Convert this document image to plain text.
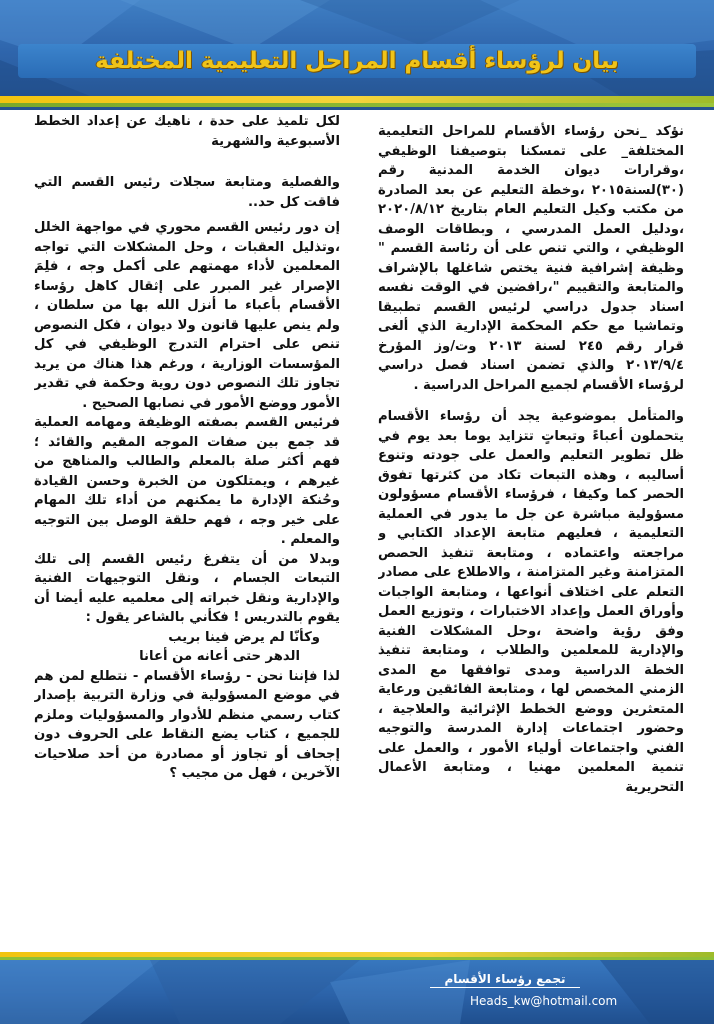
بيان لرؤساء أقسام المراحل التعليمية المختلفة

نؤكد _نحن رؤساء الأقسام للمراحل التعليمية المختلفة_ على تمسكنا بتوصيفنا الوظيفي ،وقرارات ديوان الخدمة المدنية رقم (٣٠)لسنة٢٠١٥ ،وخطة التعليم عن بعد الصادرة من مكتب وكيل التعليم العام بتاريخ ٢٠٢٠/٨/١٢ ،ودليل العمل المدرسي ، وبطاقات الوصف الوظيفي ، والتي تنص على أن رئاسة القسم " وظيفة إشرافية فنية يختص شاغلها بالإشراف والمتابعة والتقييم "،رافضين في الوقت نفسه اسناد جدول دراسي لرئيس القسم تطبيقا وتماشيا مع حكم المحكمة الإدارية الذي ألغى قرار رقم ٢٤٥ لسنة ٢٠١٣ وت/وز المؤرخ ٢٠١٣/٩/٤ والذي تضمن اسناد فصل دراسي لرؤساء الأقسام لجميع المراحل الدراسية .

والمتأمل بموضوعية يجد أن رؤساء الأقسام يتحملون أعباءً وتبعاتٍ تتزايد يوما بعد يوم في ظل تطوير التعليم والعمل على جودته وتنوع أساليبه ، وهذه التبعات تكاد من كثرتها تفوق الحصر كما وكيفا ، فرؤساء الأقسام مسؤولون مسؤولية مباشرة عن جل ما يدور في العملية التعليمية ، فعليهم متابعة الإعداد الكتابي و مراجعته واعتماده ، ومتابعة تنفيذ الحصص المتزامنة وغير المتزامنة ، والاطلاع على مصادر التعلم على اختلاف أنواعها ، ومتابعة الواجبات وأوراق العمل وإعداد الاختبارات ، وتوزيع العمل وفق رؤية واضحة ،وحل المشكلات الفنية والإدارية للمعلمين والطلاب ، ومتابعة تنفيذ الخطة الدراسية ومدى توافقها مع المدى الزمني المخصص لها ، ومتابعة الفائقين ورعاية المتعثرين ووضع الخطط الإثرائية والعلاجية ، وحضور اجتماعات إدارة المدرسة والتوجيه الفني واجتماعات أولياء الأمور ، والعمل على تنمية المعلمين مهنيا ، ومتابعة الأعمال التحريرية

لكل تلميذ على حدة ، ناهيك عن إعداد الخطط الأسبوعية والشهرية

والفصلية ومتابعة سجلات رئيس القسم التي فاقت كل حد..

إن دور رئيس القسم محوري في مواجهة الخلل ،وتذليل العقبات ، وحل المشكلات التي تواجه المعلمين لأداء مهمتهم على أكمل وجه ، فلِمَ الإصرار غير المبرر على إثقال كاهل رؤساء الأقسام بأعباء ما أنزل الله بها من سلطان ، ولم ينص عليها قانون ولا ديوان ، فكل النصوص تنص على احترام التدرج الوظيفي في كل المؤسسات الوزارية ، ورغم هذا هناك من يريد تجاوز تلك النصوص دون روية وحكمة في تقدير الأمور ووضع الأمور في نصابها الصحيح .

فرئيس القسم بصفته الوظيفة ومهامه العملية قد جمع بين صفات الموجه المقيم والقائد ؛ فهم أكثر صلة بالمعلم والطالب والمناهج من غيرهم ، ويمتلكون من الخبرة وحسن القيادة وحُنكة الإدارة ما يمكنهم من أداء تلك المهام على خير وجه ، فهم حلقة الوصل بين التوجيه والمعلم .

وبدلا من أن يتفرغ رئيس القسم إلى تلك التبعات الجسام ، ونقل التوجيهات الفنية والإدارية ونقل خبراته إلى معلميه عليه أيضا أن يقوم بالتدريس ! فكأني بالشاعر يقول :

وكأنّا لم يرض فينا بريب
الدهر حتى أعانه من أعانا

لذا فإننا نحن - رؤساء الأقسام - نتطلع لمن هم في موضع المسؤولية في وزارة التربية بإصدار كتاب رسمي منظم للأدوار والمسؤوليات وملزم للجميع ، كتاب يضع النقاط على الحروف دون إجحاف أو تجاوز أو مصادرة من أحد صلاحيات الآخرين ، فهل من مجيب ؟

تجمع رؤساء الأقسام
Heads_kw@hotmail.com
